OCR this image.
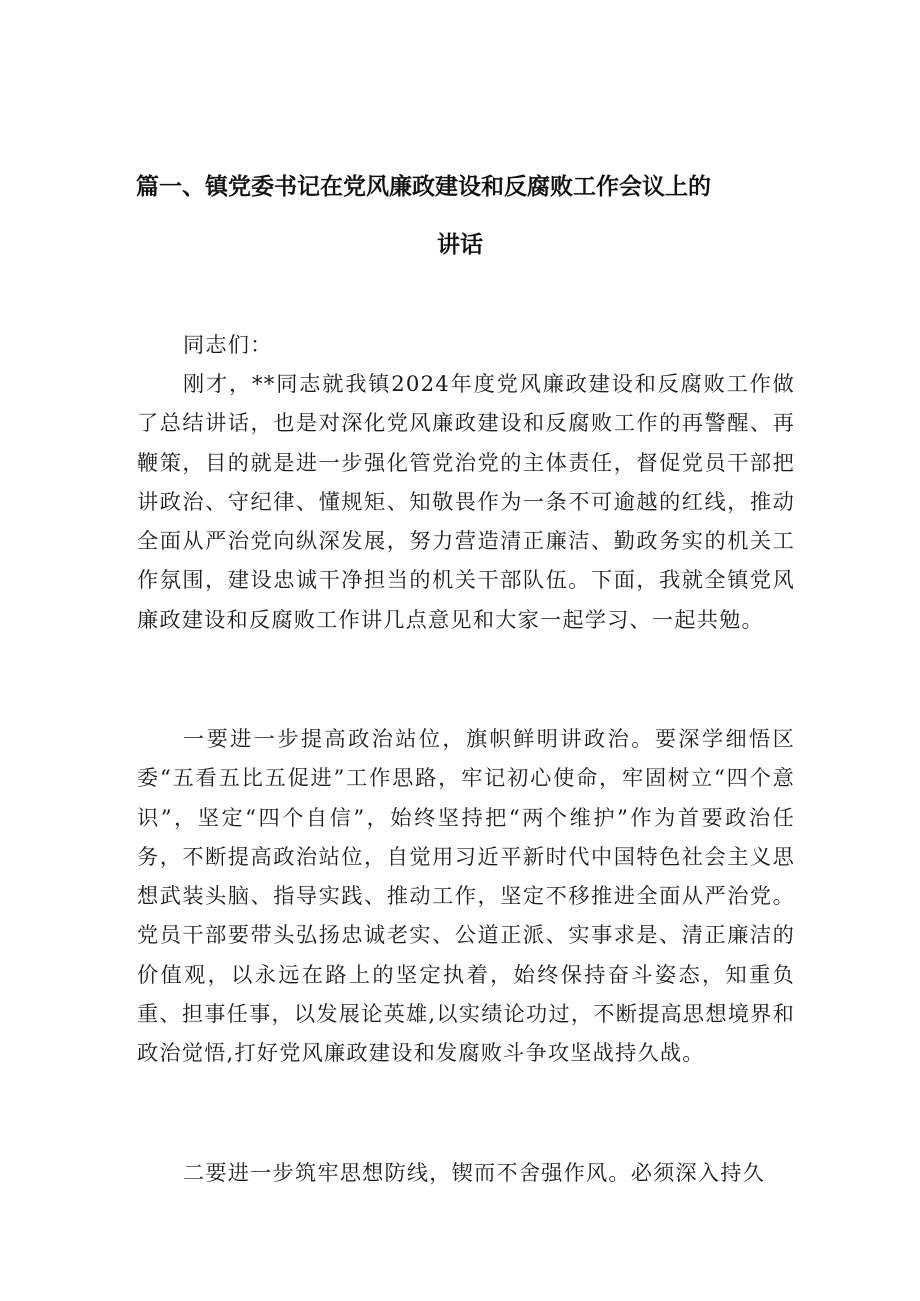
篇一、镇党委书记在党风廉政建设和反腐败工作会议上的
讲话
同志们：

刚才，**同志就我镇2024年度党风廉政建设和反腐败工作做了总结讲话，也是对深化党风廉政建设和反腐败工作的再警醒、再鞭策，目的就是进一步强化管党治党的主体责任，督促党员干部把讲政治、守纪律、懂规矩、知敬畏作为一条不可逾越的红线，推动全面从严治党向纵深发展，努力营造清正廉洁、勤政务实的机关工作氛围，建设忠诚干净担当的机关干部队伍。下面，我就全镇党风廉政建设和反腐败工作讲几点意见和大家一起学习、一起共勉。

一要进一步提高政治站位，旗帜鲜明讲政治。要深学细悟区委“五看五比五促进”工作思路，牢记初心使命，牢固树立“四个意识”，坚定“四个自信”，始终坚持把“两个维护”作为首要政治任务，不断提高政治站位，自觉用习近平新时代中国特色社会主义思想武装头脑、指导实践、推动工作，坚定不移推进全面从严治党。党员干部要带头弘扬忠诚老实、公道正派、实事求是、清正廉洁的价值观，以永远在路上的坚定执着，始终保持奋斗姿态，知重负重、担事任事，以发展论英雄,以实绩论功过，不断提高思想境界和政治觉悟,打好党风廉政建设和发腐败斗争攻坚战持久战。

二要进一步筑牢思想防线，锲而不舍强作风。必须深入持久
